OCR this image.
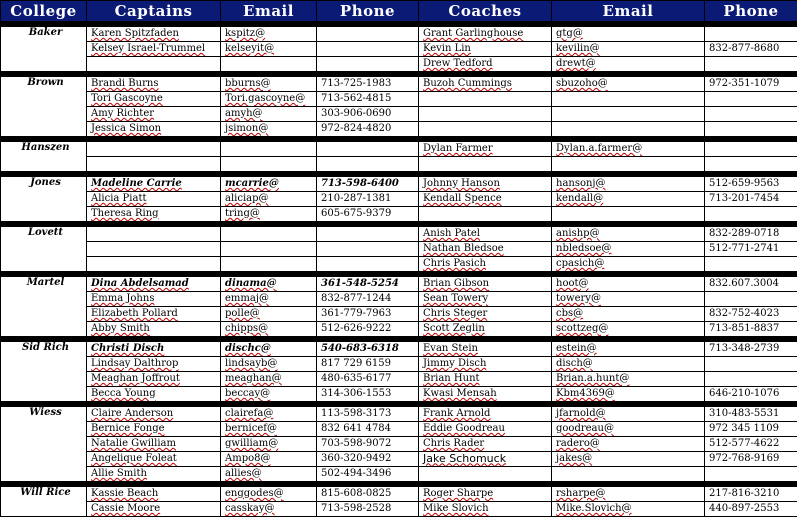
College	Captains	Email	Phone	Coaches	Email	Phone

Baker	Karen Spitzfaden	kspitz@		Grant Garlinghouse	gtg@	
	Kelsey Israel-Trummel	kelseyit@		Kevin Lin	kevilin@	832-877-8680
				Drew Tedford	drewt@	

Brown	Brandi Burns	bburns@	713-725-1983	Buzoh Cummings	sbuzoho@	972-351-1079
	Tori Gascoyne	Tori.gascoyne@	713-562-4815			
	Amy Richter	amyh@	303-906-0690			
	Jessica Simon	jsimon@	972-824-4820			

Hanszen				Dylan Farmer	Dylan.a.farmer@	

Jones	Madeline Carrie	mcarrie@	713-598-6400	Johnny Hanson	hansonj@	512-659-9563
	Alicia Piatt	aliciap@	210-287-1381	Kendall Spence	kendall@	713-201-7454
	Theresa Ring	tring@	605-675-9379			

Lovett				Anish Patel	anishp@	832-289-0718
				Nathan Bledsoe	nbledsoe@	512-771-2741
				Chris Pasich	cpasich@	

Martel	Dina Abdelsamad	dinama@	361-548-5254	Brian Gibson	hoot@	832.607.3004
	Emma Johns	emmaj@	832-877-1244	Sean Towery	towery@	
	Elizabeth Pollard	polle@	361-779-7963	Chris Steger	cbs@	832-752-4023
	Abby Smith	chipps@	512-626-9222	Scott Zeglin	scottzeg@	713-851-8837

Sid Rich	Christi Disch	dischc@	540-683-6318	Evan Stein	estein@	713-348-2739
	Lindsay Dalthrop	lindsayb@	817 729 6159	Jimmy Disch	disch@	
	Meaghan Joffrout	meaghan@	480-635-6177	Brian Hunt	Brian.a.hunt@	
	Becca Young	beccay@	314-306-1553	Kwasi Mensah	Kbm4369@	646-210-1076

Wiess	Claire Anderson	clairefa@	113-598-3173	Frank Arnold	jfarnold@	310-483-5531
	Bernice Fonge	bernicef@	832 641 4784	Eddie Goodreau	goodreau@	972 345 1109
	Natalie Gwilliam	gwilliam@	703-598-9072	Chris Rader	radero@	512-577-4622
	Angelique Foleat	Ampo8@	360-320-9492	Jake Schomuck	jakes@	972-768-9169
	Allie Smith	allies@	502-494-3496			

Will Rice	Kassie Beach	enggodes@	815-608-0825	Roger Sharpe	rsharpe@	217-816-3210
	Cassie Moore	casskay@	713-598-2528	Mike Slovich	Mike.Slovich@	440-897-2553
